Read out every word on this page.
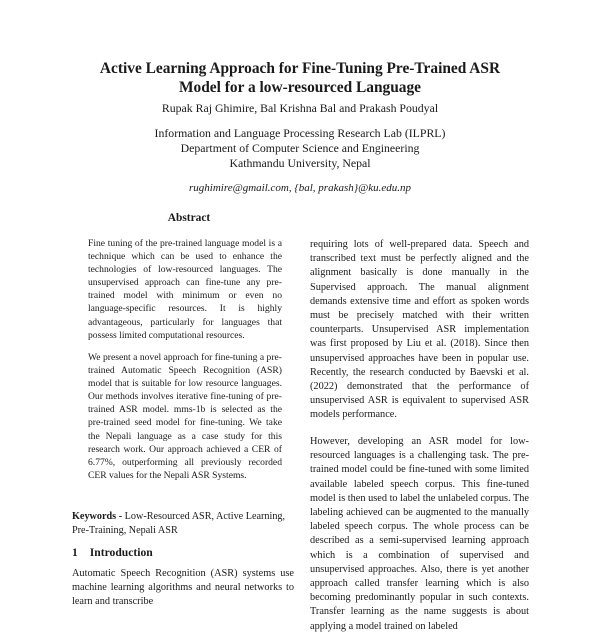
Active Learning Approach for Fine-Tuning Pre-Trained ASR
Model for a low-resourced Language

Rupak Raj Ghimire, Bal Krishna Bal and Prakash Poudyal

Information and Language Processing Research Lab (ILPRL)

Department of Computer Science and Engineering

Kathmandu University, Nepal

rughimire@gmail.com, {bal, prakash}@ku.edu.np

Abstract

Fine tuning of the pre-trained language model is a technique which can be used to enhance the technologies of low-resourced languages. The unsupervised approach can fine-tune any pre-trained model with minimum or even no language-specific resources. It is highly advantageous, particularly for languages that possess limited computational resources.

We present a novel approach for fine-tuning a pre-trained Automatic Speech Recognition (ASR) model that is suitable for low resource languages. Our methods involves iterative fine-tuning of pre-trained ASR model. mms-1b is selected as the pre-trained seed model for fine-tuning. We take the Nepali language as a case study for this research work. Our approach achieved a CER of 6.77%, outperforming all previously recorded CER values for the Nepali ASR Systems.

Keywords - Low-Resourced ASR, Active Learning, Pre-Training, Nepali ASR

1 Introduction

Automatic Speech Recognition (ASR) systems use machine learning algorithms and neural networks to learn and transcribe

requiring lots of well-prepared data. Speech and transcribed text must be perfectly aligned and the alignment basically is done manually in the Supervised approach. The manual alignment demands extensive time and effort as spoken words must be precisely matched with their written counterparts. Unsupervised ASR implementation was first proposed by Liu et al. (2018). Since then unsupervised approaches have been in popular use. Recently, the research conducted by Baevski et al. (2022) demonstrated that the performance of unsupervised ASR is equivalent to supervised ASR models performance.

However, developing an ASR model for low-resourced languages is a challenging task. The pre-trained model could be fine-tuned with some limited available labeled speech corpus. This fine-tuned model is then used to label the unlabeled corpus. The labeling achieved can be augmented to the manually labeled speech corpus. The whole process can be described as a semi-supervised learning approach which is a combination of supervised and unsupervised approaches. Also, there is yet another approach called transfer learning which is also becoming predominantly popular in such contexts. Transfer learning as the name suggests is about applying a model trained on labeled
